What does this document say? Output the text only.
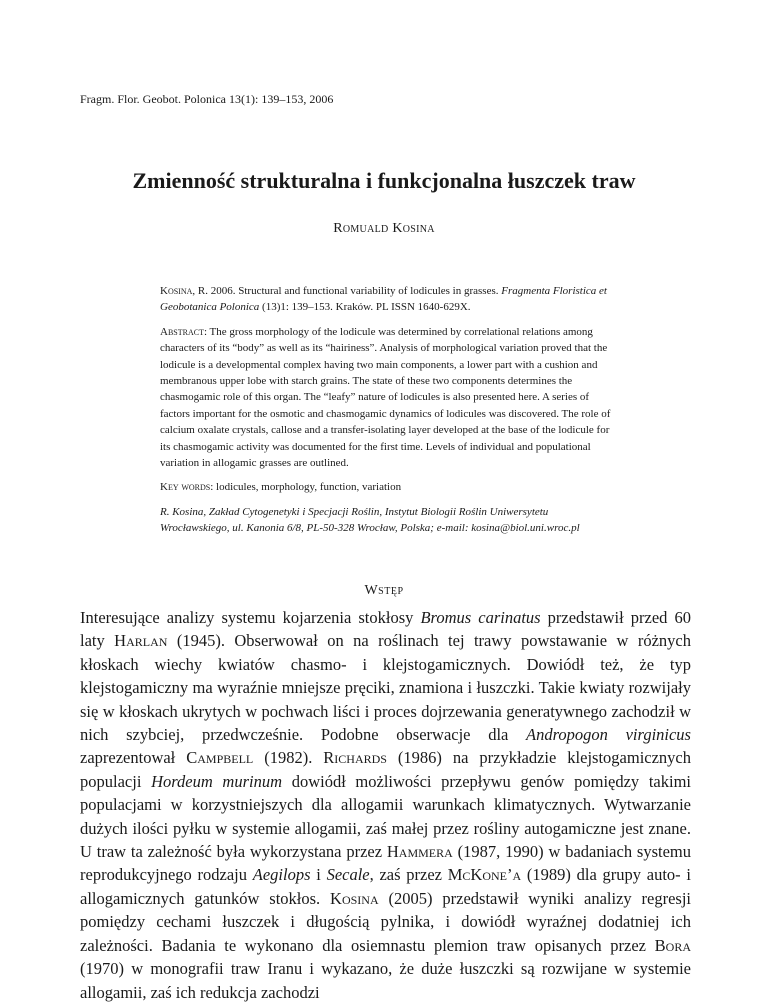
Fragm. Flor. Geobot. Polonica 13(1): 139–153, 2006
Zmienność strukturalna i funkcjonalna łuszczek traw
Romuald Kosina

Kosina, R. 2006. Structural and functional variability of lodicules in grasses. Fragmenta Floristica et Geobotanica Polonica (13)1: 139–153. Kraków. PL ISSN 1640-629X.

Abstract: The gross morphology of the lodicule was determined by correlational relations among characters of its “body” as well as its “hairiness”. Analysis of morphological variation proved that the lodicule is a developmental complex having two main components, a lower part with a cushion and membranous upper lobe with starch grains. The state of these two components determines the chasmogamic role of this organ. The “leafy” nature of lodicules is also presented here. A series of factors important for the osmotic and chasmogamic dynamics of lodicules was discovered. The role of calcium oxalate crystals, callose and a transfer-isolating layer developed at the base of the lodicule for its chasmogamic activity was documented for the first time. Levels of individual and populational variation in allogamic grasses are outlined.

Key words: lodicules, morphology, function, variation

R. Kosina, Zakład Cytogenetyki i Specjacji Roślin, Instytut Biologii Roślin Uniwersytetu Wrocławskiego, ul. Kanonia 6/8, PL-50-328 Wrocław, Polska; e-mail: kosina@biol.uni.wroc.pl

Wstęp

Interesujące analizy systemu kojarzenia stokłosy Bromus carinatus przedstawił przed 60 laty Harlan (1945). Obserwował on na roślinach tej trawy powstawanie w różnych kłoskach wiechy kwiatów chasmo- i klejstogamicznych. Dowiódł też, że typ klejstogamiczny ma wyraźnie mniejsze pręciki, znamiona i łuszczki. Takie kwiaty rozwijały się w kłoskach ukrytych w pochwach liści i proces dojrzewania generatywnego zachodził w nich szybciej, przedwcześnie. Podobne obserwacje dla Andropogon virginicus zaprezentował Campbell (1982). Richards (1986) na przykładzie klejstogamicznych populacji Hordeum murinum dowiódł możliwości przepływu genów pomiędzy takimi populacjami w korzystniejszych dla allogamii warunkach klimatycznych. Wytwarzanie dużych ilości pyłku w systemie allogamii, zaś małej przez rośliny autogamiczne jest znane. U traw ta zależność była wykorzystana przez Hammera (1987, 1990) w badaniach systemu reprodukcyjnego rodzaju Aegilops i Secale, zaś przez McKone’a (1989) dla grupy auto- i allogamicznych gatunków stokłos. Kosina (2005) przedstawił wyniki analizy regresji pomiędzy cechami łuszczek i długością pylnika, i dowiódł wyraźnej dodatniej ich zależności. Badania te wykonano dla osiemnastu plemion traw opisanych przez Bora (1970) w monografii traw Iranu i wykazano, że duże łuszczki są rozwijane w systemie allogamii, zaś ich redukcja zachodzi
